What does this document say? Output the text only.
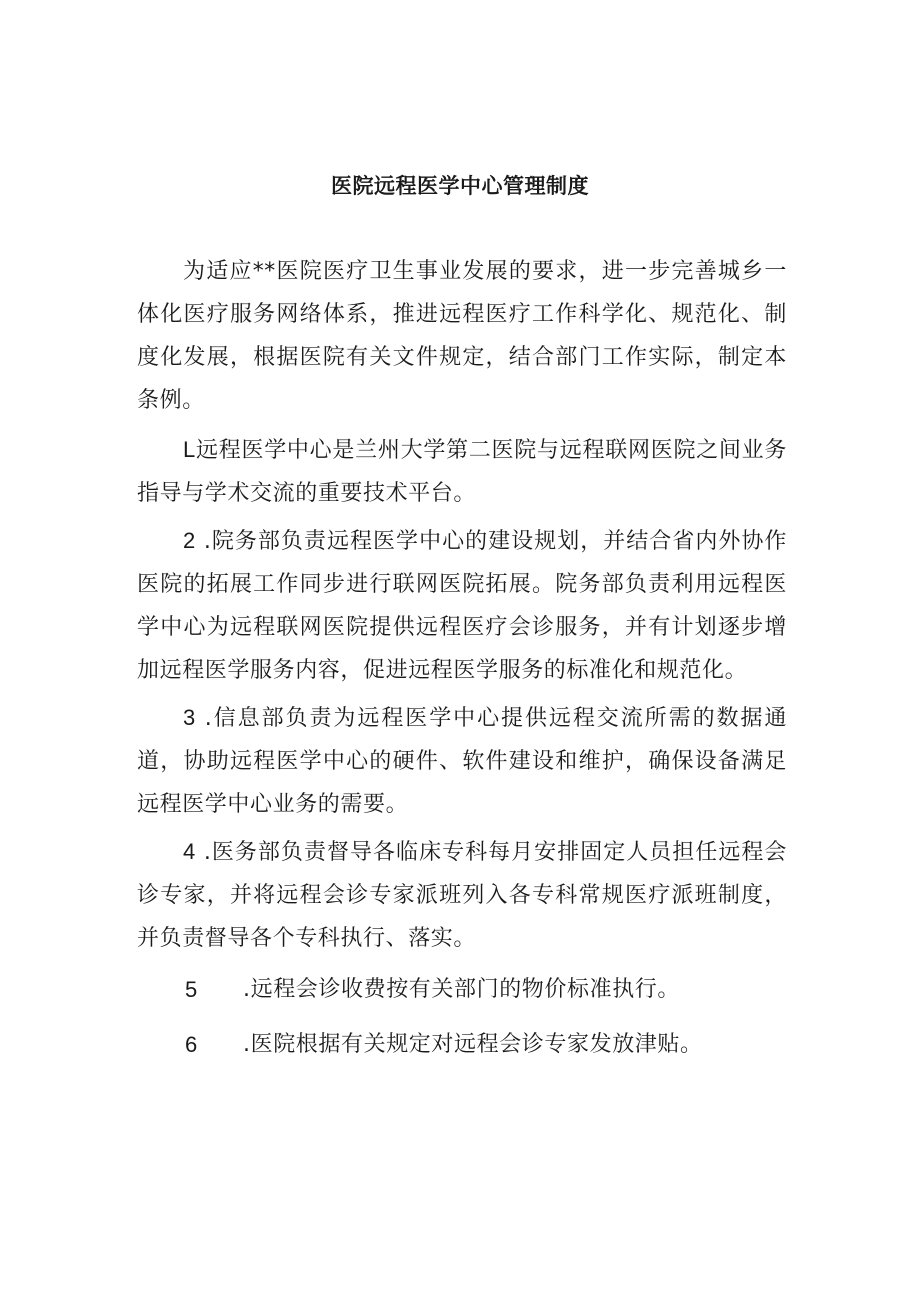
医院远程医学中心管理制度

为适应**医院医疗卫生事业发展的要求，进一步完善城乡一体化医疗服务网络体系，推进远程医疗工作科学化、规范化、制度化发展，根据医院有关文件规定，结合部门工作实际，制定本条例。

L远程医学中心是兰州大学第二医院与远程联网医院之间业务指导与学术交流的重要技术平台。

2 .院务部负责远程医学中心的建设规划，并结合省内外协作医院的拓展工作同步进行联网医院拓展。院务部负责利用远程医学中心为远程联网医院提供远程医疗会诊服务，并有计划逐步增加远程医学服务内容，促进远程医学服务的标准化和规范化。

3 .信息部负责为远程医学中心提供远程交流所需的数据通道，协助远程医学中心的硬件、软件建设和维护，确保设备满足远程医学中心业务的需要。

4 .医务部负责督导各临床专科每月安排固定人员担任远程会诊专家，并将远程会诊专家派班列入各专科常规医疗派班制度，并负责督导各个专科执行、落实。

5	.远程会诊收费按有关部门的物价标准执行。
6	.医院根据有关规定对远程会诊专家发放津贴。
